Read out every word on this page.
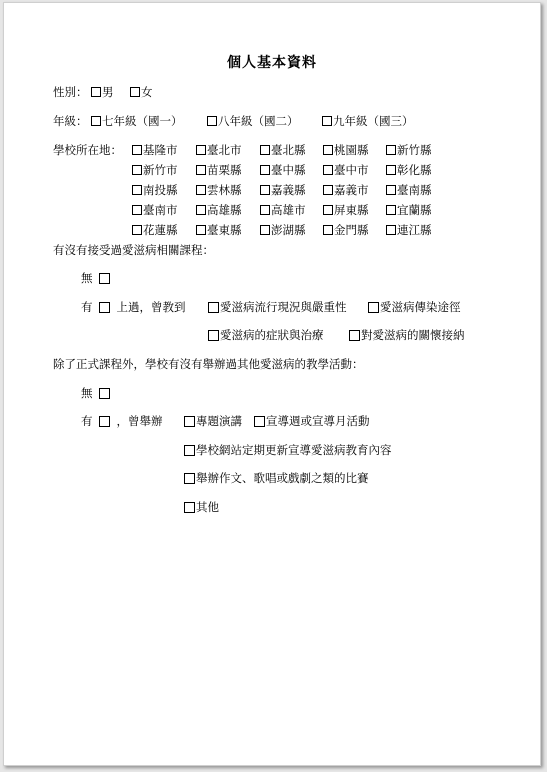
個人基本資料
性別： 男 女
年級： 七年級（國一）	八年級（國二）	九年級（國三）
學校所在地： 基隆市	臺北市	臺北縣 桃園縣 新竹縣
新竹市	苗栗縣	臺中縣 臺中市 彰化縣
南投縣	雲林縣	嘉義縣 嘉義市 臺南縣
臺南市	高雄縣	高雄市 屏東縣 宜蘭縣
花蓮縣	臺東縣	澎湖縣 金門縣 連江縣
有沒有接受過愛滋病相關課程：
無
有 上過，曾教到	愛滋病流行現況與嚴重性	愛滋病傳染途徑
愛滋病的症狀與治療	對愛滋病的關懷接納
除了正式課程外，學校有沒有舉辦過其他愛滋病的教學活動：
無
有 ，曾舉辦	專題演講 宣導週或宣導月活動
學校網站定期更新宣導愛滋病教育內容
舉辦作文、歌唱或戲劇之類的比賽
其他
